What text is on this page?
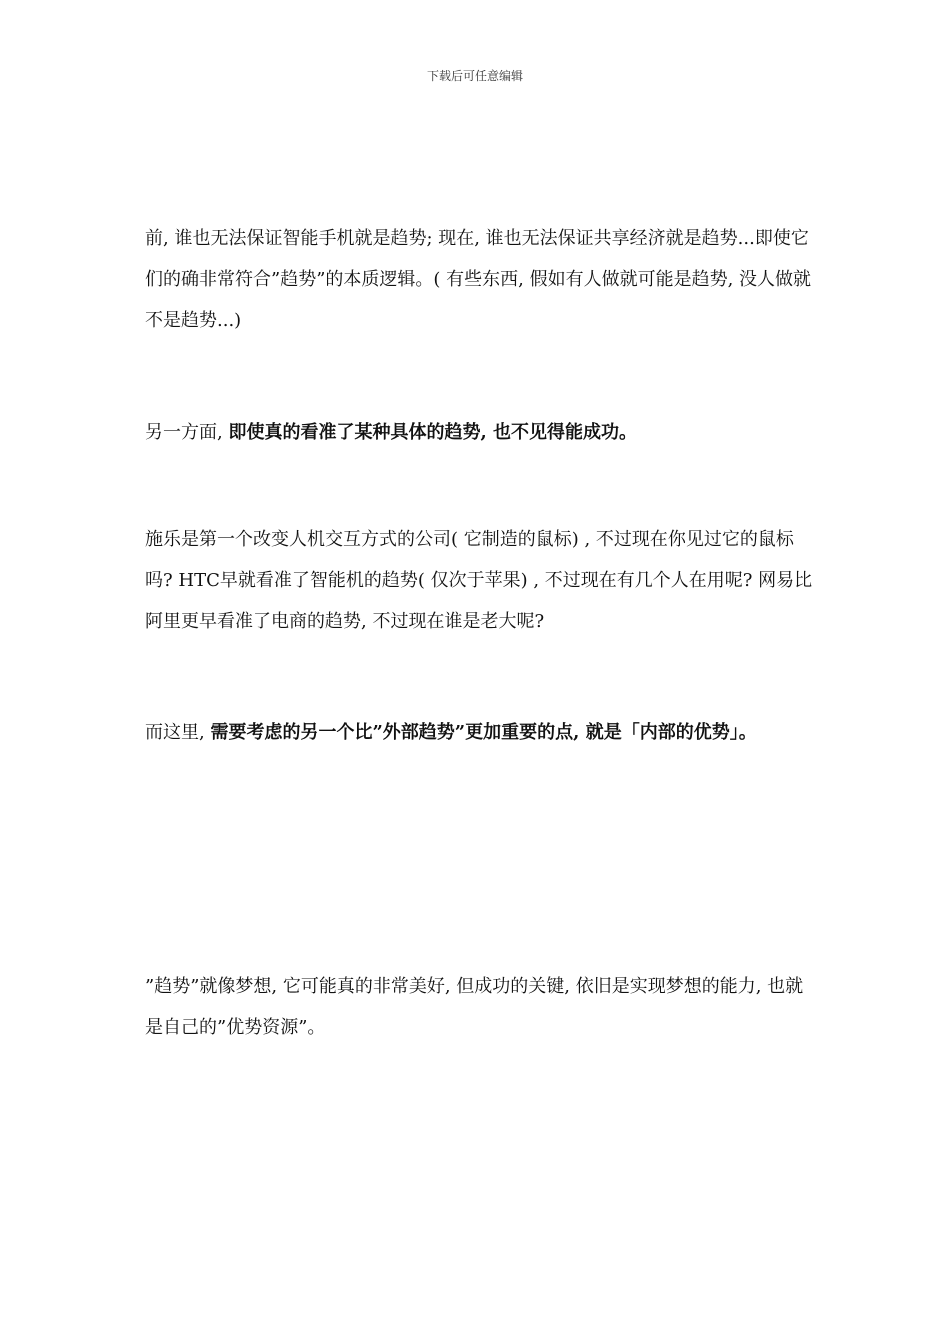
下载后可任意编辑

前, 谁也无法保证智能手机就是趋势; 现在, 谁也无法保证共享经济就是趋势...即使它们的确非常符合”趋势”的本质逻辑。( 有些东西, 假如有人做就可能是趋势, 没人做就不是趋势...)

另一方面, 即使真的看准了某种具体的趋势, 也不见得能成功。

施乐是第一个改变人机交互方式的公司( 它制造的鼠标) , 不过现在你见过它的鼠标吗? HTC早就看准了智能机的趋势( 仅次于苹果) , 不过现在有几个人在用呢? 网易比阿里更早看准了电商的趋势, 不过现在谁是老大呢?

而这里, 需要考虑的另一个比”外部趋势”更加重要的点, 就是「内部的优势」。

”趋势”就像梦想, 它可能真的非常美好, 但成功的关键, 依旧是实现梦想的能力, 也就是自己的”优势资源”。
